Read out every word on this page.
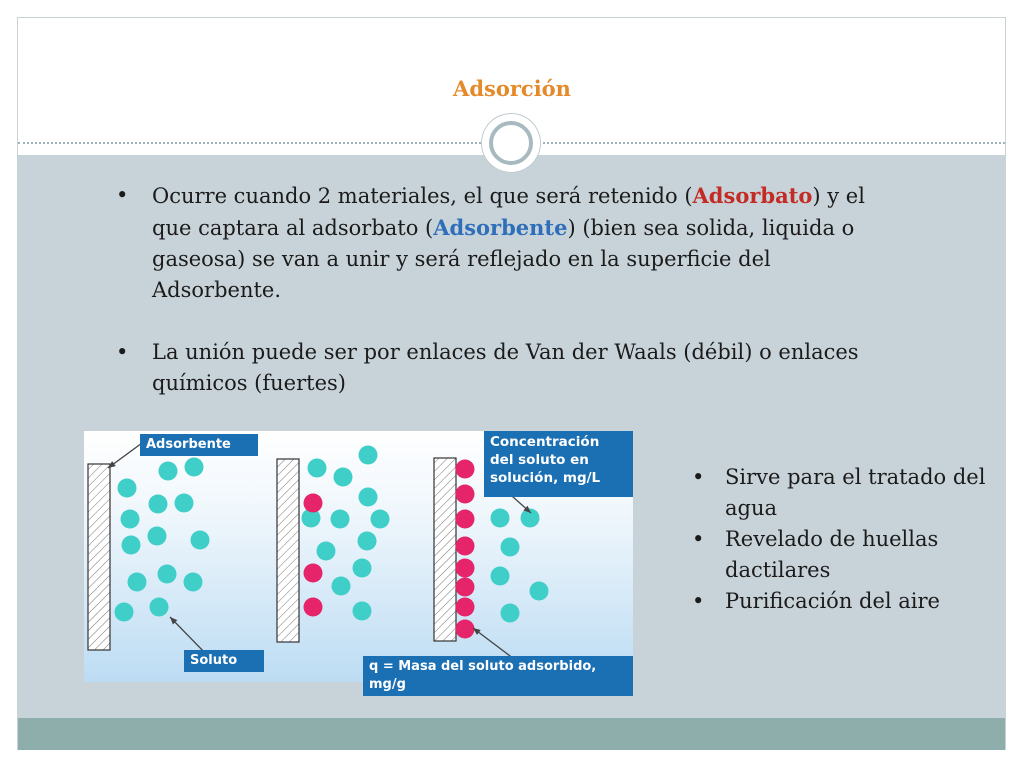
Adsorción
• Ocurre cuando 2 materiales, el que será retenido (Adsorbato) y el que captara al adsorbato (Adsorbente) (bien sea solida, liquida o gaseosa) se van a unir y será reflejado en la superficie del Adsorbente.
• La unión puede ser por enlaces de Van der Waals (débil) o enlaces químicos (fuertes)
Adsorbente	Concentración del soluto en solución, mg/L
Soluto	q = Masa del soluto adsorbido, mg/g
• Sirve para el tratado del agua
• Revelado de huellas dactilares
• Purificación del aire
